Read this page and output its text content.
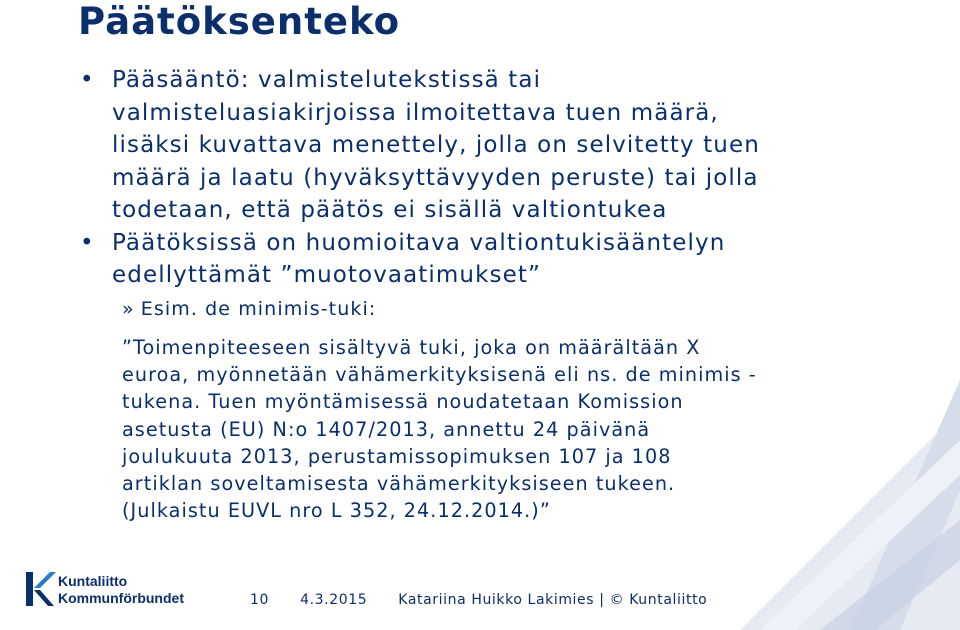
Päätöksenteko
• Pääsääntö: valmistelutekstissä tai
valmisteluasiakirjoissa ilmoitettava tuen määrä,
lisäksi kuvattava menettely, jolla on selvitetty tuen
määrä ja laatu (hyväksyttävyyden peruste) tai jolla
todetaan, että päätös ei sisällä valtiontukea
• Päätöksissä on huomioitava valtiontukisääntelyn
edellyttämät ”muotovaatimukset”
» Esim. de minimis-tuki:
”Toimenpiteeseen sisältyvä tuki, joka on määrältään X
euroa, myönnetään vähämerkityksisenä eli ns. de minimis -
tukena. Tuen myöntämisessä noudatetaan Komission
asetusta (EU) N:o 1407/2013, annettu 24 päivänä
joulukuuta 2013, perustamissopimuksen 107 ja 108
artiklan soveltamisesta vähämerkityksiseen tukeen.
(Julkaistu EUVL nro L 352, 24.12.2014.)”
Kuntaliitto
Kommunförbundet	10 4.3.2015 Katariina Huikko Lakimies | © Kuntaliitto
